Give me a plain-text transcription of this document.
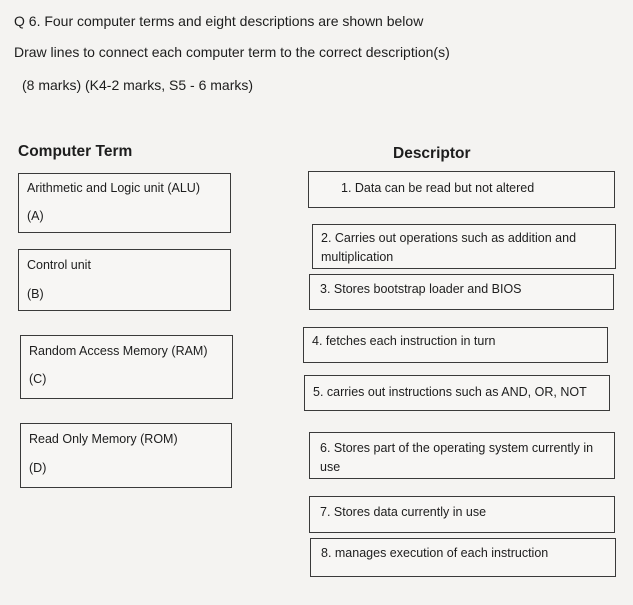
Q 6. Four computer terms and eight descriptions are shown below
Draw lines to connect each computer term to the correct description(s)
(8 marks) (K4-2 marks, S5 - 6 marks)
Computer Term	Descriptor
Arithmetic and Logic unit (ALU)
(A)
Control unit
(B)
Random Access Memory (RAM)
(C)
Read Only Memory (ROM)
(D)
1. Data can be read but not altered
2. Carries out operations such as addition and multiplication
3. Stores bootstrap loader and BIOS
4. fetches each instruction in turn
5. carries out instructions such as AND, OR, NOT
6. Stores part of the operating system currently in use
7. Stores data currently in use
8. manages execution of each instruction
